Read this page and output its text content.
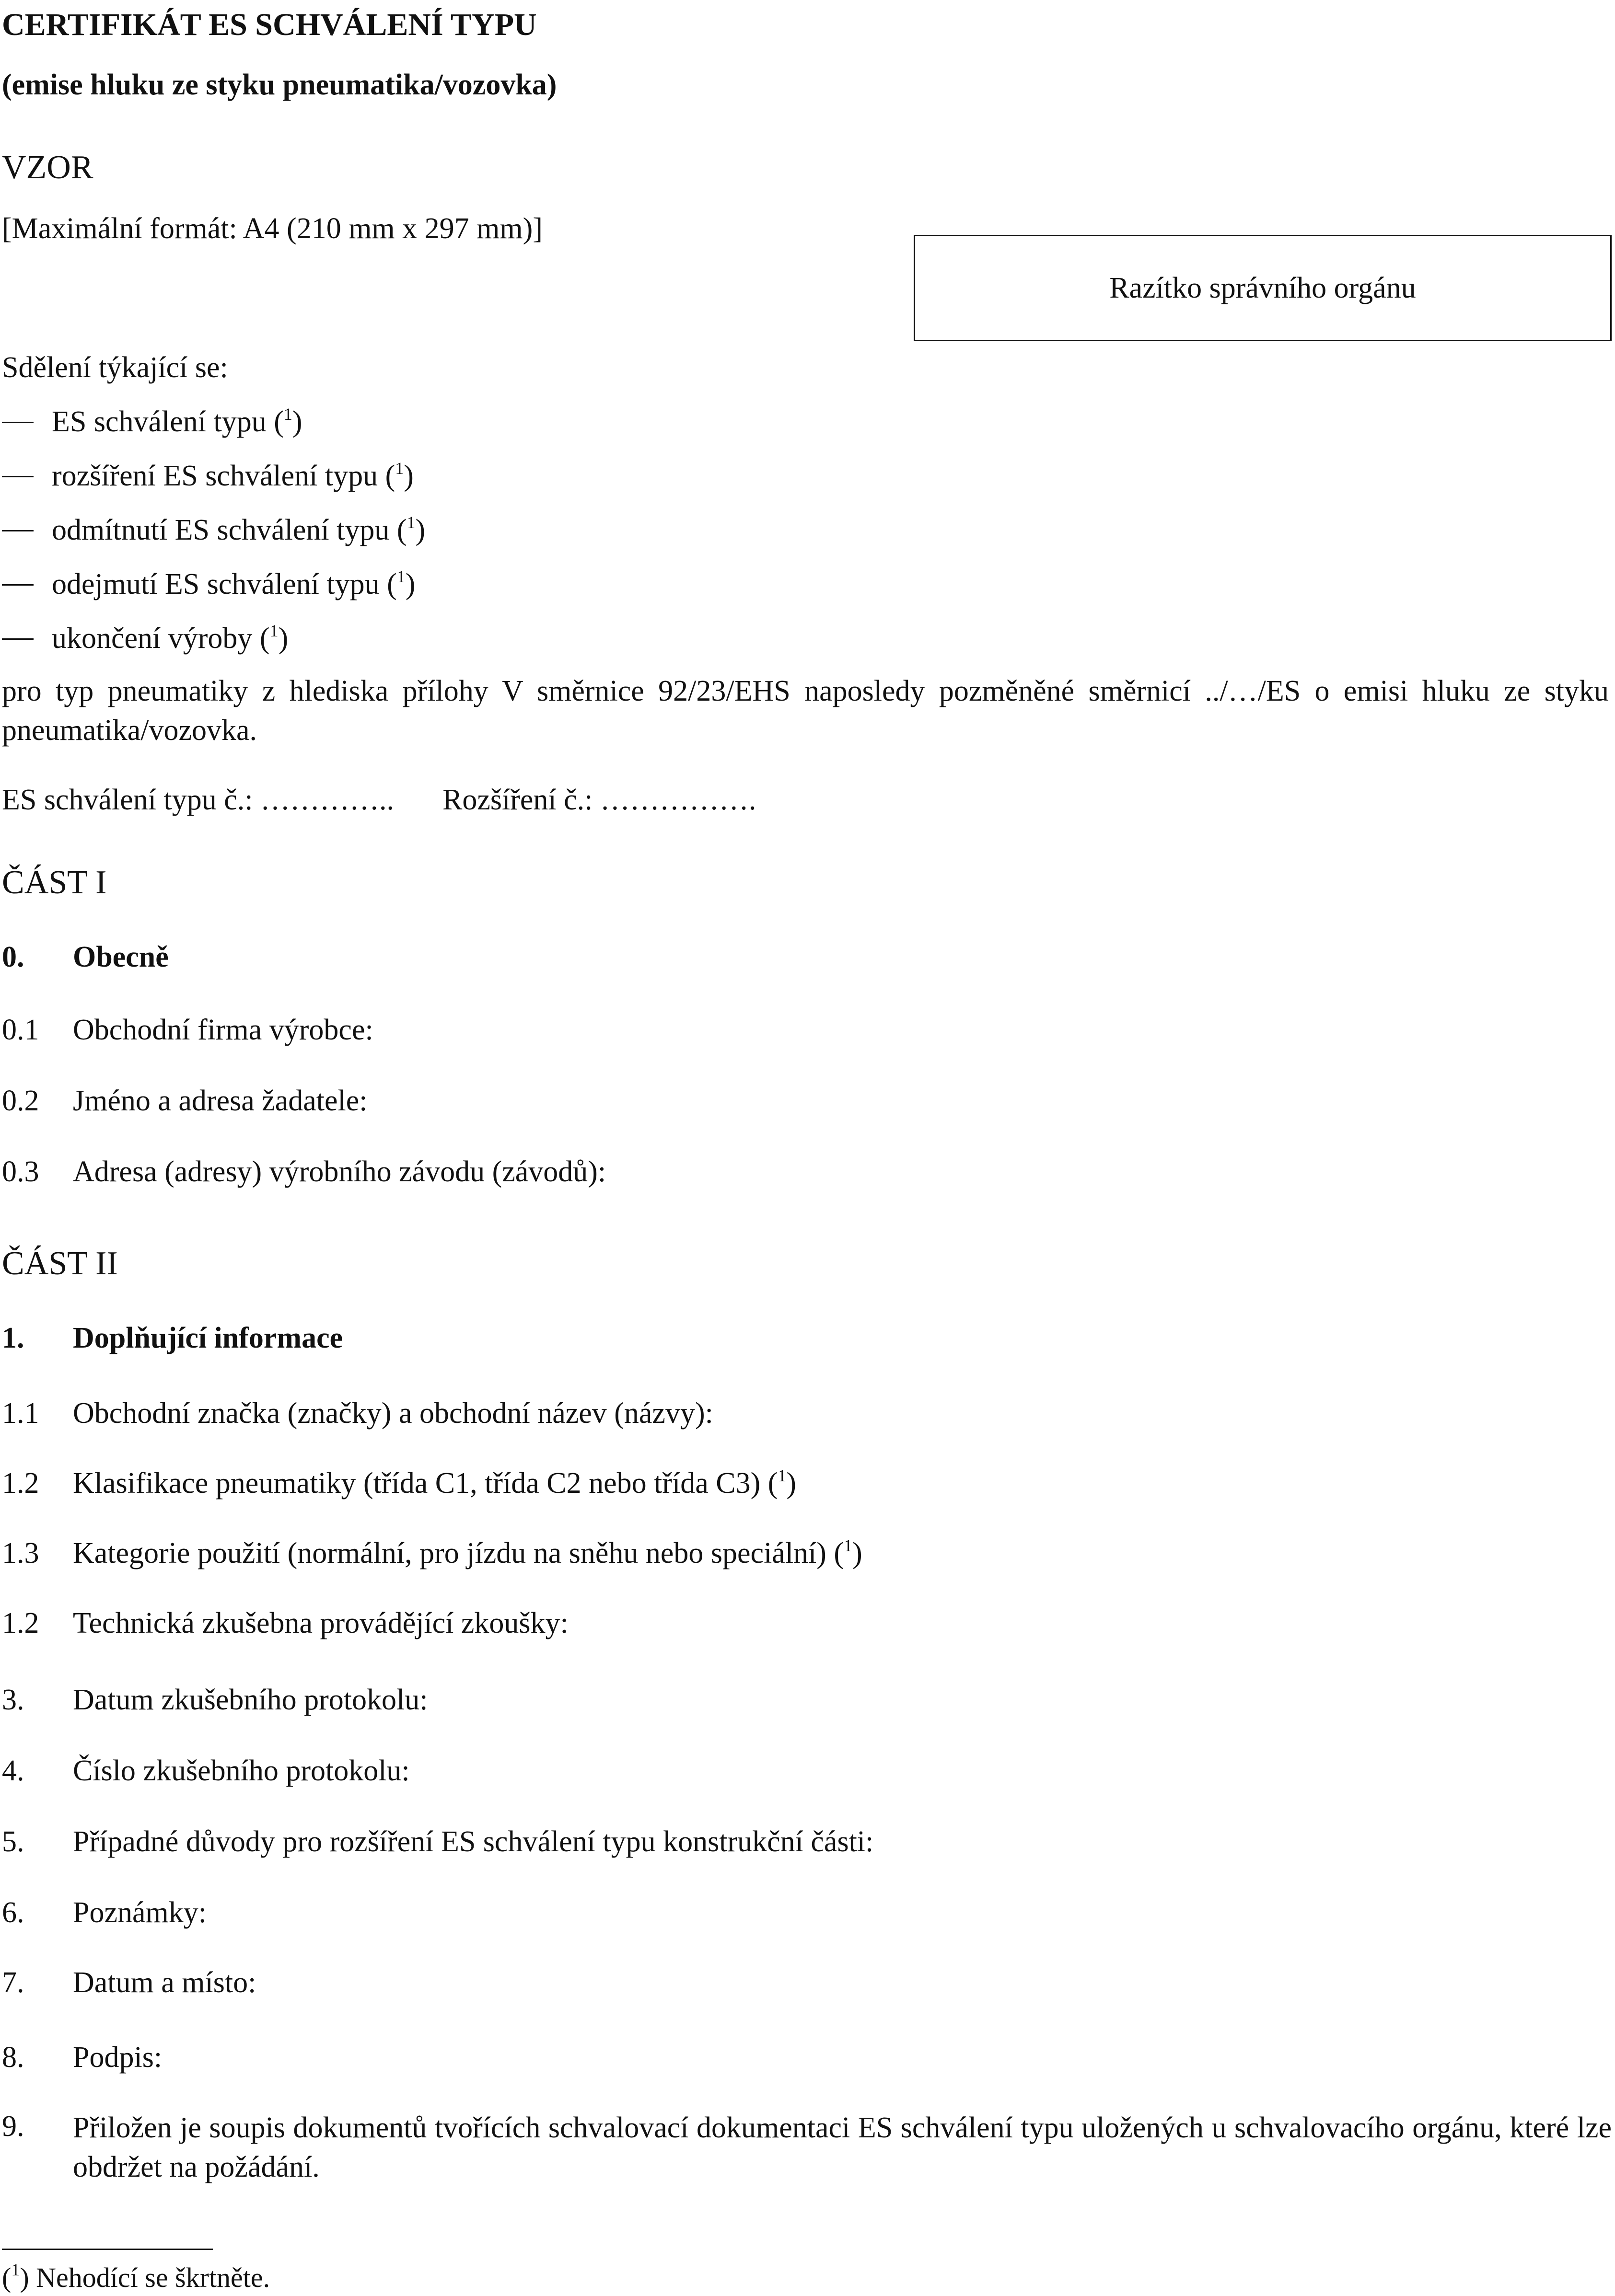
CERTIFIKÁT ES SCHVÁLENÍ TYPU
(emise hluku ze styku pneumatika/vozovka)
VZOR
[Maximální formát: A4 (210 mm x 297 mm)]
Razítko správního orgánu
Sdělení týkající se:
ES schválení typu ($^1$)
rozšíření ES schválení typu ($^1$)
odmítnutí ES schválení typu ($^1$)
odejmutí ES schválení typu ($^1$)
ukončení výroby ($^1$)
pro typ pneumatiky z hlediska přílohy V směrnice 92/23/EHS naposledy pozměněné směrnicí ../…/ES o emisi hluku ze styku pneumatika/vozovka.
ES schválení typu č.: ………….. Rozšíření č.: …………….
ČÁST I
0. Obecně
0.1 Obchodní firma výrobce:
0.2 Jméno a adresa žadatele:
0.3 Adresa (adresy) výrobního závodu (závodů):
ČÁST II
1. Doplňující informace
1.1 Obchodní značka (značky) a obchodní název (názvy):
1.2 Klasifikace pneumatiky (třída C1, třída C2 nebo třída C3) ($^1$)
1.3 Kategorie použití (normální, pro jízdu na sněhu nebo speciální) ($^1$)
1.2 Technická zkušebna provádějící zkoušky:
3. Datum zkušebního protokolu:
4. Číslo zkušebního protokolu:
5. Případné důvody pro rozšíření ES schválení typu konstrukční části:
6. Poznámky:
7. Datum a místo:
8. Podpis:
9. Přiložen je soupis dokumentů tvořících schvalovací dokumentaci ES schválení typu uložených u schvalovacího orgánu, které lze obdržet na požádání.
($^1$) Nehodící se škrtněte.
